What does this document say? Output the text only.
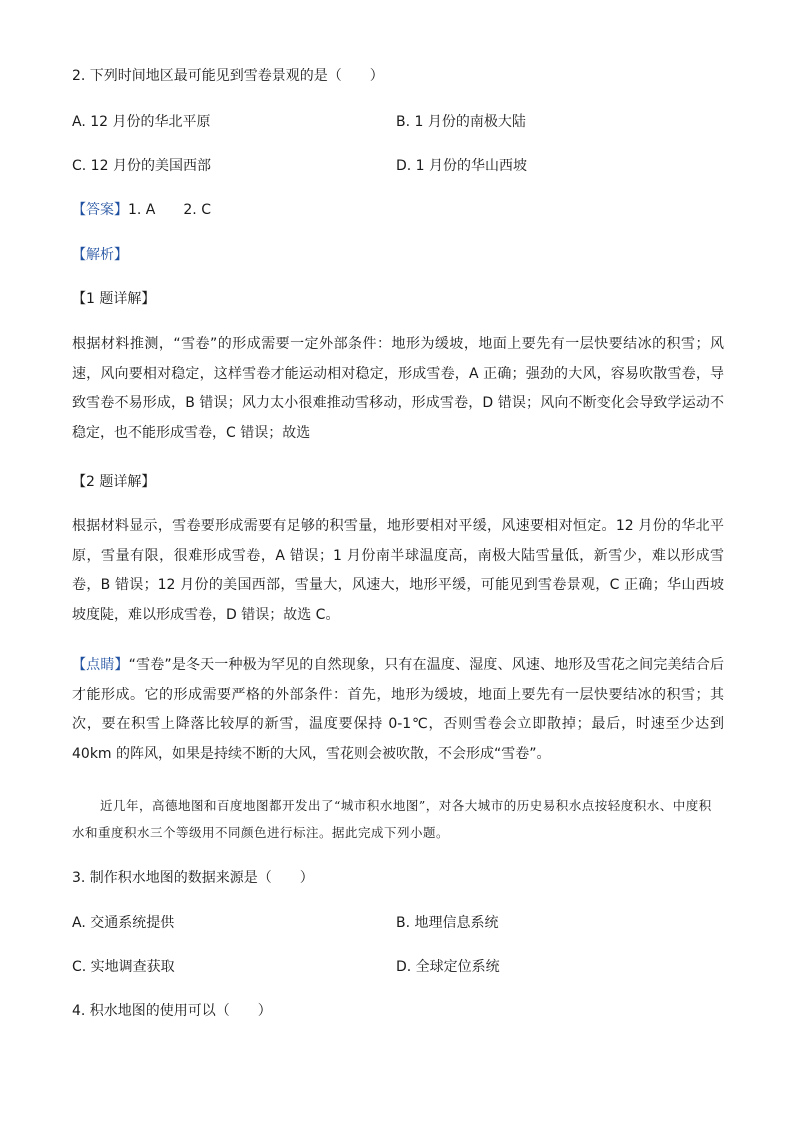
2. 下列时间地区最可能见到雪卷景观的是（　　）
A. 12 月份的华北平原	B. 1 月份的南极大陆
C. 12 月份的美国西部	D. 1 月份的华山西坡
【答案】1. A　　2. C
【解析】
【1 题详解】
根据材料推测，“雪卷”的形成需要一定外部条件：地形为缓坡，地面上要先有一层快要结冰的积雪；风速，风向要相对稳定，这样雪卷才能运动相对稳定，形成雪卷，A 正确；强劲的大风，容易吹散雪卷，导致雪卷不易形成，B 错误；风力太小很难推动雪移动，形成雪卷，D 错误；风向不断变化会导致学运动不稳定，也不能形成雪卷，C 错误；故选
【2 题详解】
根据材料显示，雪卷要形成需要有足够的积雪量，地形要相对平缓，风速要相对恒定。12 月份的华北平原，雪量有限，很难形成雪卷，A 错误；1 月份南半球温度高，南极大陆雪量低，新雪少，难以形成雪卷，B 错误；12 月份的美国西部，雪量大，风速大，地形平缓，可能见到雪卷景观，C 正确；华山西坡坡度陡，难以形成雪卷，D 错误；故选 C。
【点睛】“雪卷”是冬天一种极为罕见的自然现象，只有在温度、湿度、风速、地形及雪花之间完美结合后才能形成。它的形成需要严格的外部条件：首先，地形为缓坡，地面上要先有一层快要结冰的积雪；其次，要在积雪上降落比较厚的新雪，温度要保持 0-1℃，否则雪卷会立即散掉；最后，时速至少达到 40km 的阵风，如果是持续不断的大风，雪花则会被吹散，不会形成“雪卷”。
近几年，高德地图和百度地图都开发出了“城市积水地图”，对各大城市的历史易积水点按轻度积水、中度积水和重度积水三个等级用不同颜色进行标注。据此完成下列小题。
3. 制作积水地图的数据来源是（　　）
A. 交通系统提供	B. 地理信息系统
C. 实地调查获取	D. 全球定位系统
4. 积水地图的使用可以（　　）
